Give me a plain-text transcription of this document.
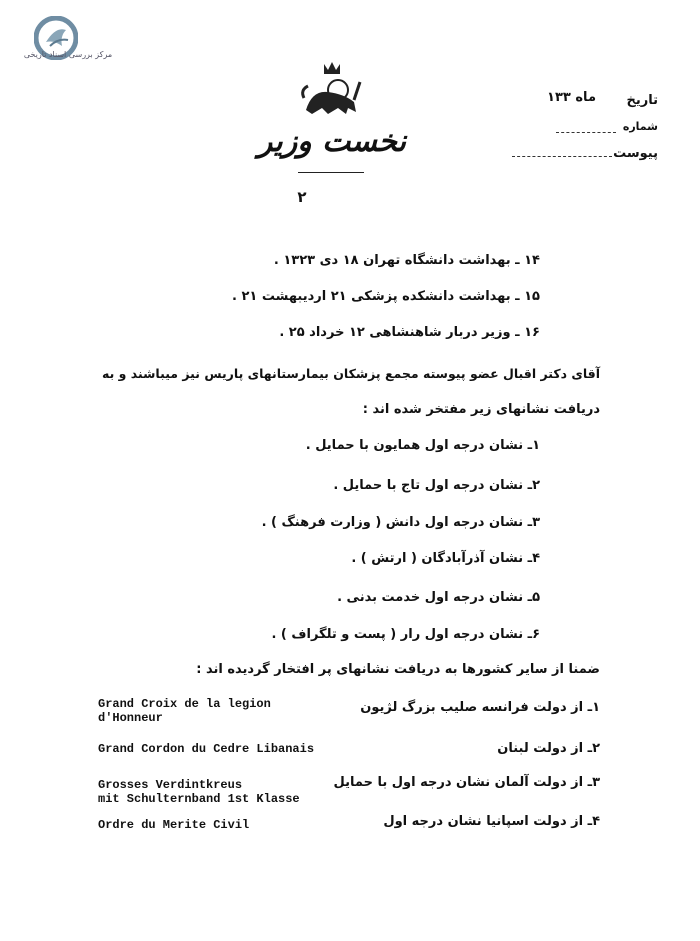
مرکز بررسی اسناد تاریخی
نخست وزیر
۲
تاریخ
ماه ۱۳۳
شماره
پیوست
۱۴ ـ بهداشت دانشگاه تهران ۱۸ دی ۱۳۲۳ .
۱۵ ـ بهداشت دانشکده پزشکی ۲۱ اردیبهشت ۲۱ .
۱۶ ـ وزیر دربار شاهنشاهی ۱۲ خرداد ۲۵ .
آقای دکتر اقبال عضو پیوسته مجمع پزشکان بیمارستانهای پاریس نیز میباشند و به
دریافت نشانهای زیر مفتخر شده اند :
۱ـ نشان درجه اول همایون با حمایل .
۲ـ نشان درجه اول تاج با حمایل .
۳ـ نشان درجه اول دانش ( وزارت فرهنگ ) .
۴ـ نشان آذرآبادگان ( ارتش ) .
۵ـ نشان درجه اول خدمت بدنی .
۶ـ نشان درجه اول رار ( پست و تلگراف ) .
ضمنا از سایر کشورها به دریافت نشانهای پر افتخار گردیده اند :
۱ـ از دولت فرانسه صلیب بزرگ لژیون
Grand Croix de la legion
d'Honneur
۲ـ از دولت لبنان
Grand Cordon du Cedre Libanais
۳ـ از دولت آلمان نشان درجه اول با حمایل
Grosses Verdintkreus
mit Schulternband 1st Klasse
۴ـ از دولت اسپانیا نشان درجه اول
Ordre du Merite Civil
